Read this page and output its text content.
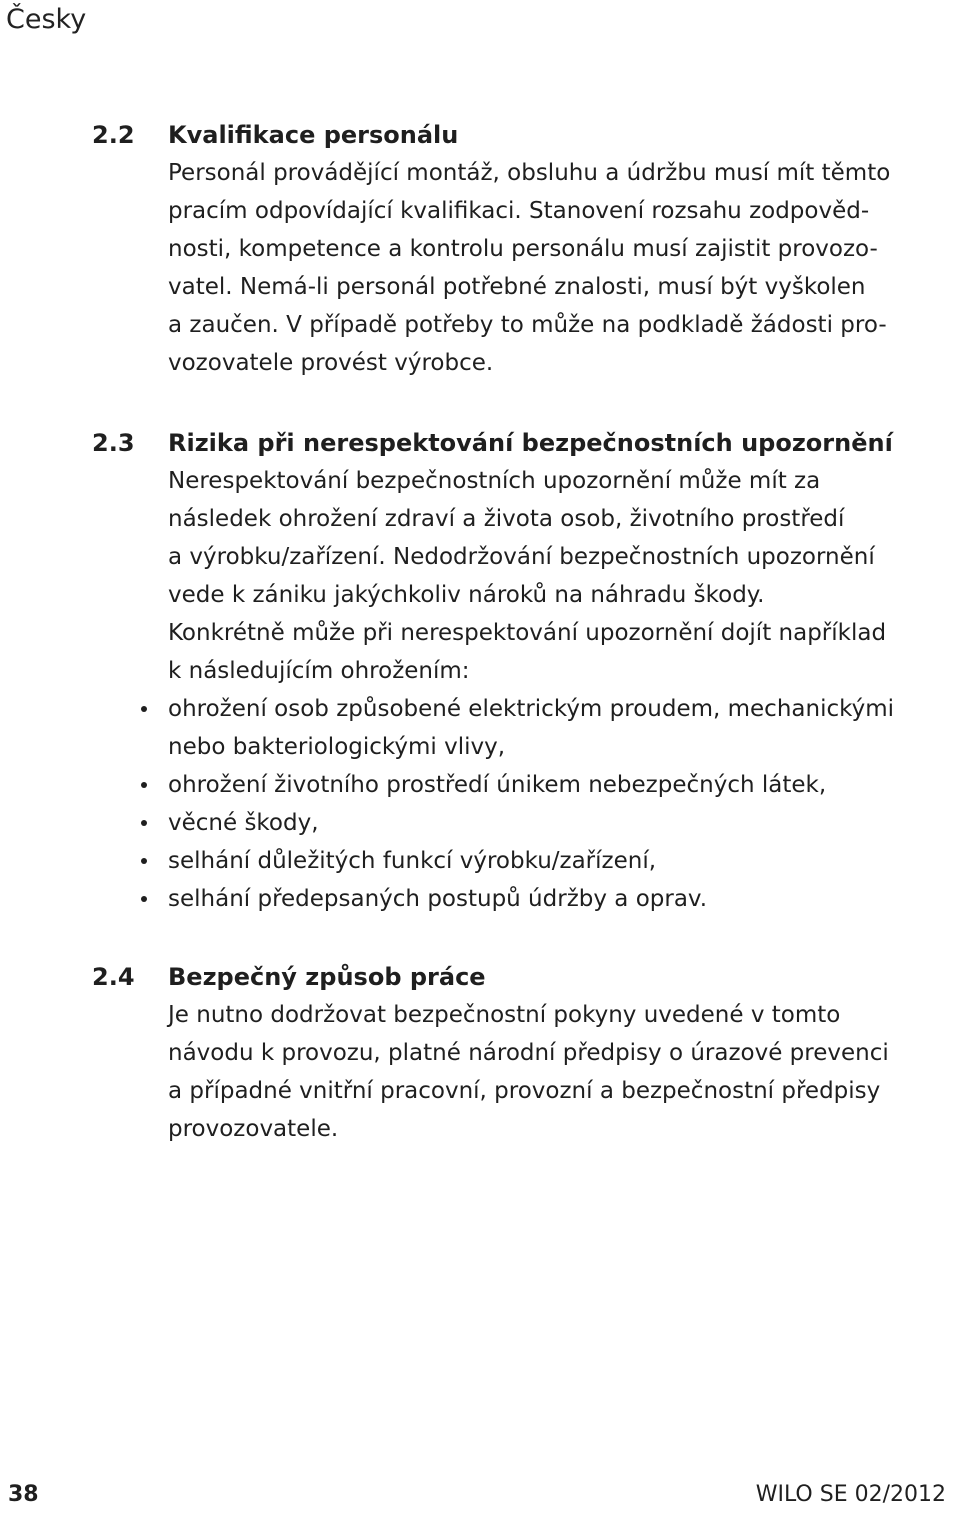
Česky
2.2 Kvalifikace personálu
Personál provádějící montáž, obsluhu a údržbu musí mít těmto
pracím odpovídající kvalifikaci. Stanovení rozsahu zodpověd-
nosti, kompetence a kontrolu personálu musí zajistit provozo-
vatel. Nemá-li personál potřebné znalosti, musí být vyškolen
a zaučen. V případě potřeby to může na podkladě žádosti pro-
vozovatele provést výrobce.
2.3 Rizika při nerespektování bezpečnostních upozornění
Nerespektování bezpečnostních upozornění může mít za
následek ohrožení zdraví a života osob, životního prostředí
a výrobku/zařízení. Nedodržování bezpečnostních upozornění
vede k zániku jakýchkoliv nároků na náhradu škody.
Konkrétně může při nerespektování upozornění dojít například
k následujícím ohrožením:
ohrožení osob způsobené elektrickým proudem, mechanickými
nebo bakteriologickými vlivy,
ohrožení životního prostředí únikem nebezpečných látek,
věcné škody,
selhání důležitých funkcí výrobku/zařízení,
selhání předepsaných postupů údržby a oprav.
2.4 Bezpečný způsob práce
Je nutno dodržovat bezpečnostní pokyny uvedené v tomto
návodu k provozu, platné národní předpisy o úrazové prevenci
a případné vnitřní pracovní, provozní a bezpečnostní předpisy
provozovatele.
38	WILO SE 02/2012
